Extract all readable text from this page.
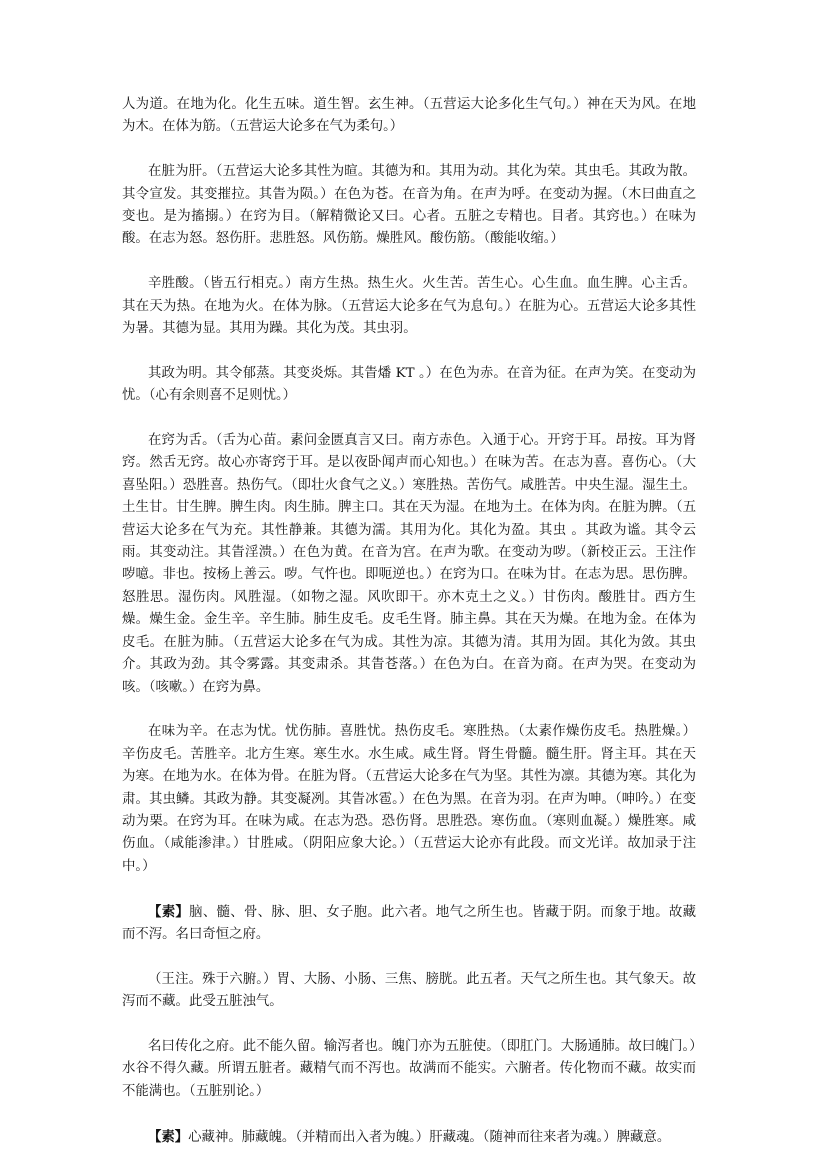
人为道。在地为化。化生五味。道生智。玄生神。（五营运大论多化生气句。）神在天为风。在地为木。在体为筋。（五营运大论多在气为柔句。）

在脏为肝。（五营运大论多其性为暄。其德为和。其用为动。其化为荣。其虫毛。其政为散。其令宣发。其变摧拉。其眚为陨。）在色为苍。在音为角。在声为呼。在变动为握。（木曰曲直之变也。是为搐搦。）在窍为目。（解精微论又曰。心者。五脏之专精也。目者。其窍也。）在味为酸。在志为怒。怒伤肝。悲胜怒。风伤筋。燥胜风。酸伤筋。（酸能收缩。）

辛胜酸。（皆五行相克。）南方生热。热生火。火生苦。苦生心。心生血。血生脾。心主舌。其在天为热。在地为火。在体为脉。（五营运大论多在气为息句。）在脏为心。五营运大论多其性为暑。其德为显。其用为躁。其化为茂。其虫羽。

其政为明。其令郁蒸。其变炎烁。其眚燔 KT 。）在色为赤。在音为征。在声为笑。在变动为忧。（心有余则喜不足则忧。）

在窍为舌。（舌为心苗。素问金匮真言又曰。南方赤色。入通于心。开窍于耳。昂按。耳为肾窍。然舌无窍。故心亦寄窍于耳。是以夜卧闻声而心知也。）在味为苦。在志为喜。喜伤心。（大喜坠阳。）恐胜喜。热伤气。（即壮火食气之义。）寒胜热。苦伤气。咸胜苦。中央生湿。湿生土。土生甘。甘生脾。脾生肉。肉生肺。脾主口。其在天为湿。在地为土。在体为肉。在脏为脾。（五营运大论多在气为充。其性静兼。其德为濡。其用为化。其化为盈。其虫 。其政为谧。其令云雨。其变动注。其眚淫溃。）在色为黄。在音为宫。在声为歌。在变动为哕。（新校正云。王注作哕噫。非也。按杨上善云。哕。气忤也。即呃逆也。）在窍为口。在味为甘。在志为思。思伤脾。怒胜思。湿伤肉。风胜湿。（如物之湿。风吹即干。亦木克土之义。）甘伤肉。酸胜甘。西方生燥。燥生金。金生辛。辛生肺。肺生皮毛。皮毛生肾。肺主鼻。其在天为燥。在地为金。在体为皮毛。在脏为肺。（五营运大论多在气为成。其性为凉。其德为清。其用为固。其化为敛。其虫介。其政为劲。其令雾露。其变肃杀。其眚苍落。）在色为白。在音为商。在声为哭。在变动为咳。（咳嗽。）在窍为鼻。

在味为辛。在志为忧。忧伤肺。喜胜忧。热伤皮毛。寒胜热。（太素作燥伤皮毛。热胜燥。）辛伤皮毛。苦胜辛。北方生寒。寒生水。水生咸。咸生肾。肾生骨髓。髓生肝。肾主耳。其在天为寒。在地为水。在体为骨。在脏为肾。（五营运大论多在气为坚。其性为凛。其德为寒。其化为肃。其虫鳞。其政为静。其变凝冽。其眚冰雹。）在色为黑。在音为羽。在声为呻。（呻吟。）在变动为栗。在窍为耳。在味为咸。在志为恐。恐伤肾。思胜恐。寒伤血。（寒则血凝。）燥胜寒。咸伤血。（咸能渗津。）甘胜咸。（阴阳应象大论。）（五营运大论亦有此段。而文光详。故加录于注中。）

【素】脑、髓、骨、脉、胆、女子胞。此六者。地气之所生也。皆藏于阴。而象于地。故藏而不泻。名曰奇恒之府。

（王注。殊于六腑。）胃、大肠、小肠、三焦、膀胱。此五者。天气之所生也。其气象天。故泻而不藏。此受五脏浊气。

名曰传化之府。此不能久留。输泻者也。魄门亦为五脏使。（即肛门。大肠通肺。故曰魄门。）水谷不得久藏。所谓五脏者。藏精气而不泻也。故满而不能实。六腑者。传化物而不藏。故实而不能满也。（五脏别论。）

【素】心藏神。肺藏魄。（并精而出入者为魄。）肝藏魂。（随神而往来者为魂。）脾藏意。
